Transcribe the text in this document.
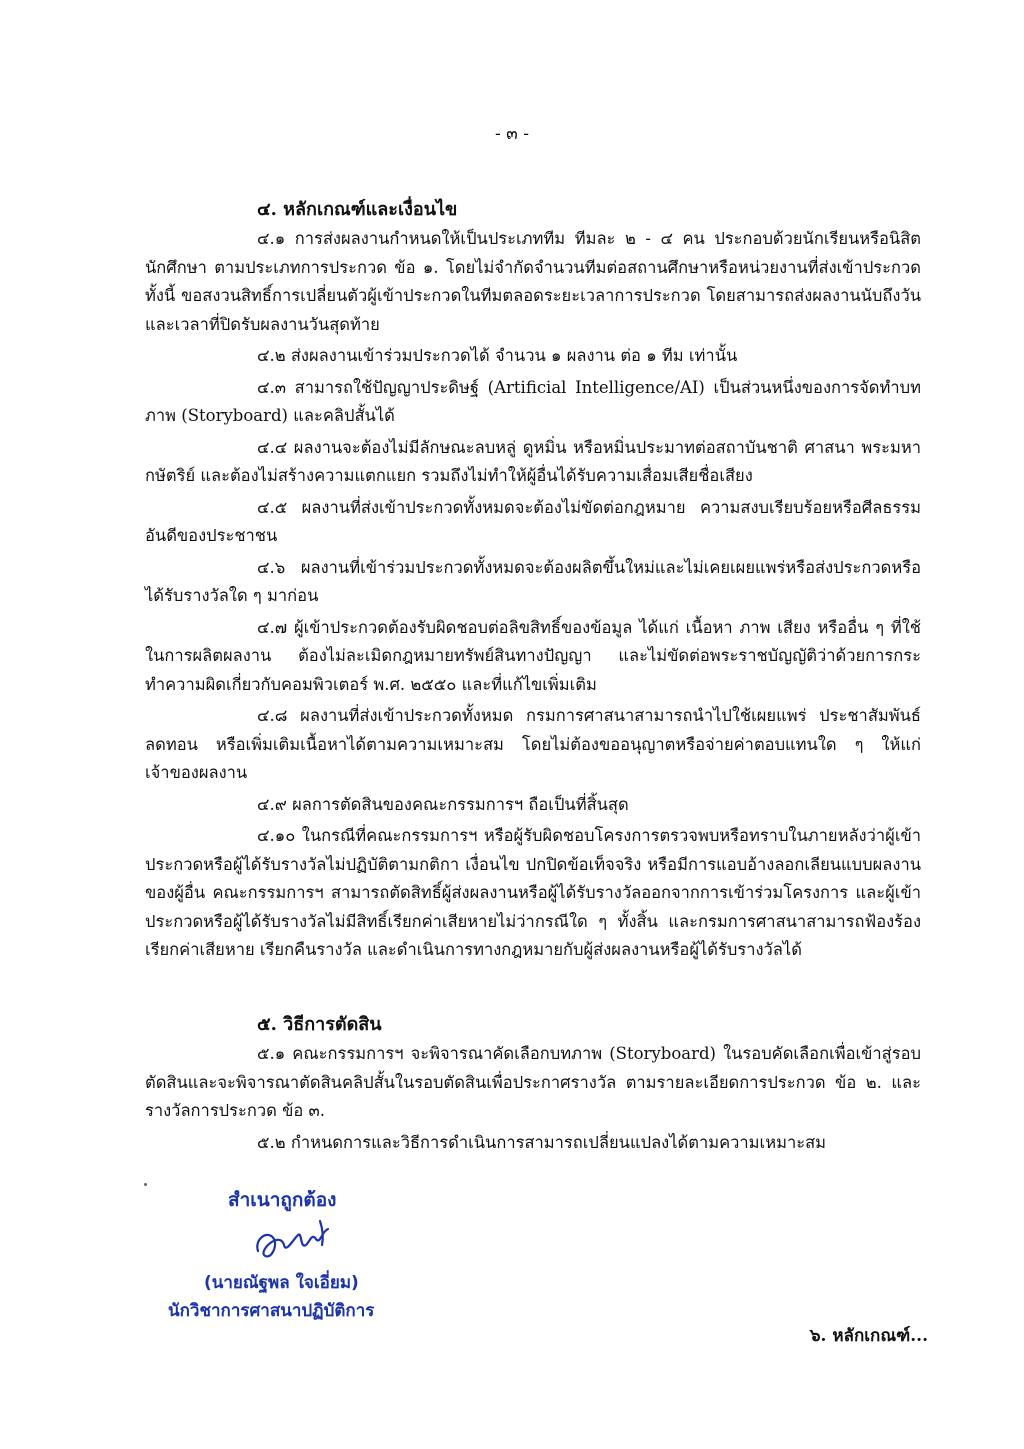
- ๓ -
๔. หลักเกณฑ์และเงื่อนไข

๔.๑ การส่งผลงานกำหนดให้เป็นประเภททีม ทีมละ ๒ - ๔ คน ประกอบด้วยนักเรียนหรือนิสิตนักศึกษา ตามประเภทการประกวด ข้อ ๑. โดยไม่จำกัดจำนวนทีมต่อสถานศึกษาหรือหน่วยงานที่ส่งเข้าประกวด ทั้งนี้ ขอสงวนสิทธิ์การเปลี่ยนตัวผู้เข้าประกวดในทีมตลอดระยะเวลาการประกวด โดยสามารถส่งผลงานนับถึงวันและเวลาที่ปิดรับผลงานวันสุดท้าย

๔.๒ ส่งผลงานเข้าร่วมประกวดได้ จำนวน ๑ ผลงาน ต่อ ๑ ทีม เท่านั้น

๔.๓ สามารถใช้ปัญญาประดิษฐ์ (Artificial Intelligence/AI) เป็นส่วนหนึ่งของการจัดทำบทภาพ (Storyboard) และคลิปสั้นได้

๔.๔ ผลงานจะต้องไม่มีลักษณะลบหลู่ ดูหมิ่น หรือหมิ่นประมาทต่อสถาบันชาติ ศาสนา พระมหากษัตริย์ และต้องไม่สร้างความแตกแยก รวมถึงไม่ทำให้ผู้อื่นได้รับความเสื่อมเสียชื่อเสียง

๔.๕ ผลงานที่ส่งเข้าประกวดทั้งหมดจะต้องไม่ขัดต่อกฎหมาย ความสงบเรียบร้อยหรือศีลธรรมอันดีของประชาชน

๔.๖ ผลงานที่เข้าร่วมประกวดทั้งหมดจะต้องผลิตขึ้นใหม่และไม่เคยเผยแพร่หรือส่งประกวดหรือได้รับรางวัลใด ๆ มาก่อน

๔.๗ ผู้เข้าประกวดต้องรับผิดชอบต่อลิขสิทธิ์ของข้อมูล ได้แก่ เนื้อหา ภาพ เสียง หรืออื่น ๆ ที่ใช้ในการผลิตผลงาน ต้องไม่ละเมิดกฎหมายทรัพย์สินทางปัญญา และไม่ขัดต่อพระราชบัญญัติว่าด้วยการกระทำความผิดเกี่ยวกับคอมพิวเตอร์ พ.ศ. ๒๕๕๐ และที่แก้ไขเพิ่มเติม

๔.๘ ผลงานที่ส่งเข้าประกวดทั้งหมด กรมการศาสนาสามารถนำไปใช้เผยแพร่ ประชาสัมพันธ์ ลดทอน หรือเพิ่มเติมเนื้อหาได้ตามความเหมาะสม โดยไม่ต้องขออนุญาตหรือจ่ายค่าตอบแทนใด ๆ ให้แก่เจ้าของผลงาน

๔.๙ ผลการตัดสินของคณะกรรมการฯ ถือเป็นที่สิ้นสุด

๔.๑๐ ในกรณีที่คณะกรรมการฯ หรือผู้รับผิดชอบโครงการตรวจพบหรือทราบในภายหลังว่าผู้เข้าประกวดหรือผู้ได้รับรางวัลไม่ปฏิบัติตามกติกา เงื่อนไข ปกปิดข้อเท็จจริง หรือมีการแอบอ้างลอกเลียนแบบผลงานของผู้อื่น คณะกรรมการฯ สามารถตัดสิทธิ์ผู้ส่งผลงานหรือผู้ได้รับรางวัลออกจากการเข้าร่วมโครงการ และผู้เข้าประกวดหรือผู้ได้รับรางวัลไม่มีสิทธิ์เรียกค่าเสียหายไม่ว่ากรณีใด ๆ ทั้งสิ้น และกรมการศาสนาสามารถฟ้องร้องเรียกค่าเสียหาย เรียกคืนรางวัล และดำเนินการทางกฎหมายกับผู้ส่งผลงานหรือผู้ได้รับรางวัลได้

๕. วิธีการตัดสิน

๕.๑ คณะกรรมการฯ จะพิจารณาคัดเลือกบทภาพ (Storyboard) ในรอบคัดเลือกเพื่อเข้าสู่รอบตัดสินและจะพิจารณาตัดสินคลิปสั้นในรอบตัดสินเพื่อประกาศรางวัล ตามรายละเอียดการประกวด ข้อ ๒. และรางวัลการประกวด ข้อ ๓.

๕.๒ กำหนดการและวิธีการดำเนินการสามารถเปลี่ยนแปลงได้ตามความเหมาะสม

สำเนาถูกต้อง
(นายณัฐพล ใจเอี่ยม)
นักวิชาการศาสนาปฏิบัติการ
๖. หลักเกณฑ์...
